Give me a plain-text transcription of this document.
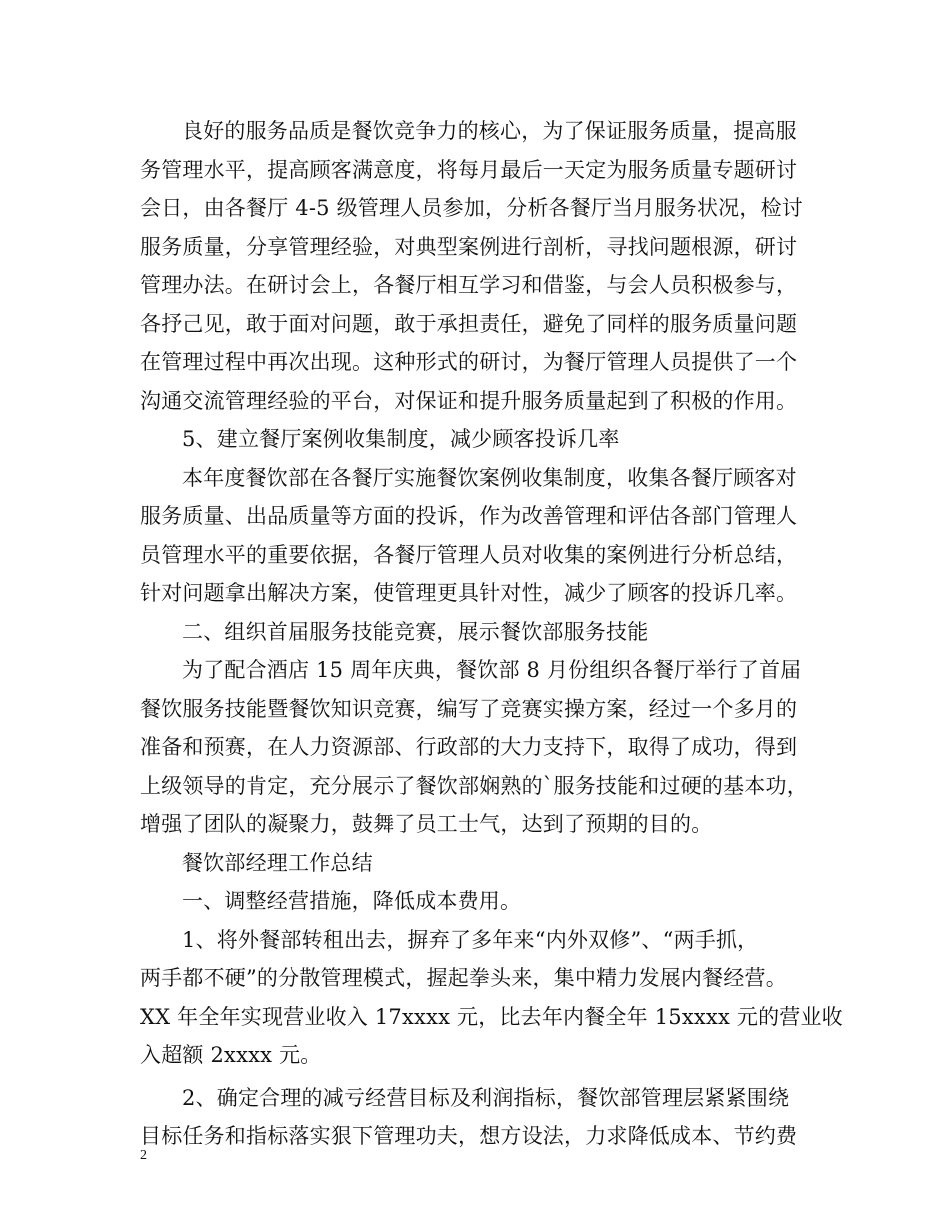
良好的服务品质是餐饮竞争力的核心，为了保证服务质量，提高服
务管理水平，提高顾客满意度，将每月最后一天定为服务质量专题研讨
会日，由各餐厅 4-5 级管理人员参加，分析各餐厅当月服务状况，检讨
服务质量，分享管理经验，对典型案例进行剖析，寻找问题根源，研讨
管理办法。在研讨会上，各餐厅相互学习和借鉴，与会人员积极参与，
各抒己见，敢于面对问题，敢于承担责任，避免了同样的服务质量问题
在管理过程中再次出现。这种形式的研讨，为餐厅管理人员提供了一个
沟通交流管理经验的平台，对保证和提升服务质量起到了积极的作用。
5、建立餐厅案例收集制度，减少顾客投诉几率
本年度餐饮部在各餐厅实施餐饮案例收集制度，收集各餐厅顾客对
服务质量、出品质量等方面的投诉，作为改善管理和评估各部门管理人
员管理水平的重要依据，各餐厅管理人员对收集的案例进行分析总结，
针对问题拿出解决方案，使管理更具针对性，减少了顾客的投诉几率。
二、组织首届服务技能竞赛，展示餐饮部服务技能
为了配合酒店 15 周年庆典，餐饮部 8 月份组织各餐厅举行了首届
餐饮服务技能暨餐饮知识竞赛，编写了竞赛实操方案，经过一个多月的
准备和预赛，在人力资源部、行政部的大力支持下，取得了成功，得到
上级领导的肯定，充分展示了餐饮部娴熟的`服务技能和过硬的基本功，
增强了团队的凝聚力，鼓舞了员工士气，达到了预期的目的。
餐饮部经理工作总结
一、调整经营措施，降低成本费用。
1、将外餐部转租出去，摒弃了多年来“内外双修”、“两手抓，
两手都不硬”的分散管理模式，握起拳头来，集中精力发展内餐经营。
XX 年全年实现营业收入 17xxxx 元，比去年内餐全年 15xxxx 元的营业收
入超额 2xxxx 元。
2、确定合理的减亏经营目标及利润指标，餐饮部管理层紧紧围绕
目标任务和指标落实狠下管理功夫，想方设法，力求降低成本、节约费
2
